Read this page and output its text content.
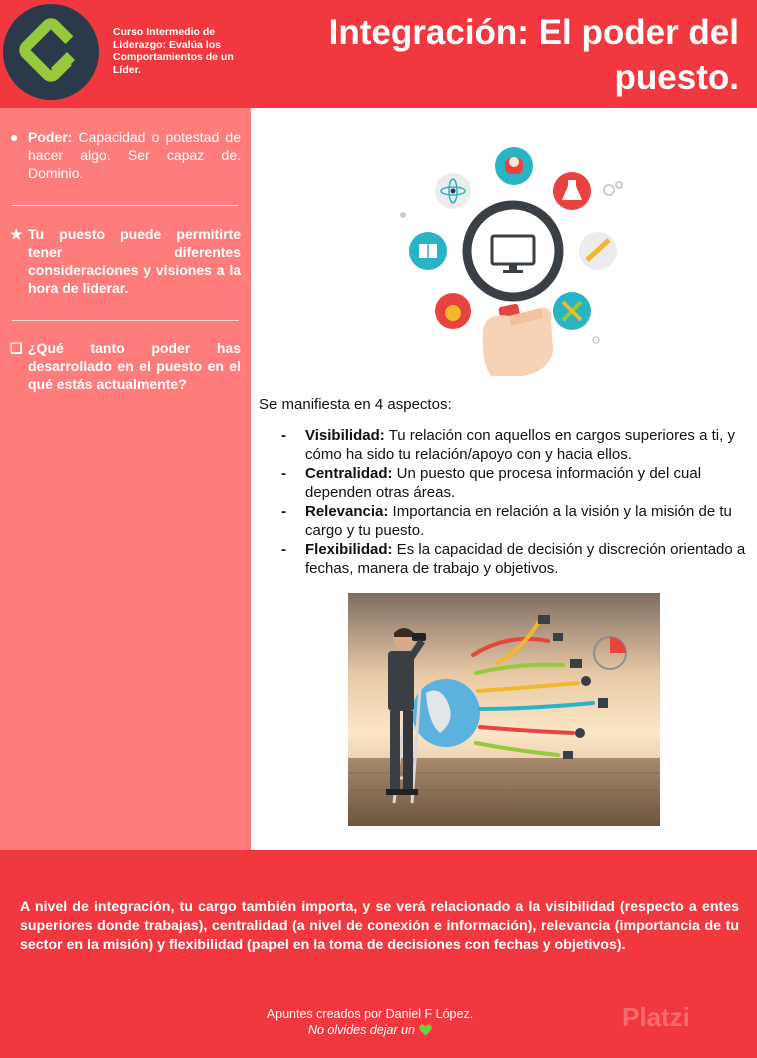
Curso Intermedio de Liderazgo: Evalúa los Comportamientos de un Líder.
Integración: El poder del puesto.
● Poder: Capacidad o potestad de hacer algo. Ser capaz de. Dominio.
★ Tu puesto puede permitirte tener diferentes consideraciones y visiones a la hora de liderar.
❑ ¿Qué tanto poder has desarrollado en el puesto en el qué estás actualmente?
Se manifiesta en 4 aspectos:
- Visibilidad: Tu relación con aquellos en cargos superiores a ti, y cómo ha sido tu relación/apoyo con y hacia ellos.
- Centralidad: Un puesto que procesa información y del cual dependen otras áreas.
- Relevancia: Importancia en relación a la visión y la misión de tu cargo y tu puesto.
- Flexibilidad: Es la capacidad de decisión y discreción orientado a fechas, manera de trabajo y objetivos.
A nivel de integración, tu cargo también importa, y se verá relacionado a la visibilidad (respecto a entes superiores donde trabajas), centralidad (a nivel de conexión e información), relevancia (importancia de tu sector en la misión) y flexibilidad (papel en la toma de decisiones con fechas y objetivos).
Apuntes creados por Daniel F López.
No olvides dejar un	Platzi
